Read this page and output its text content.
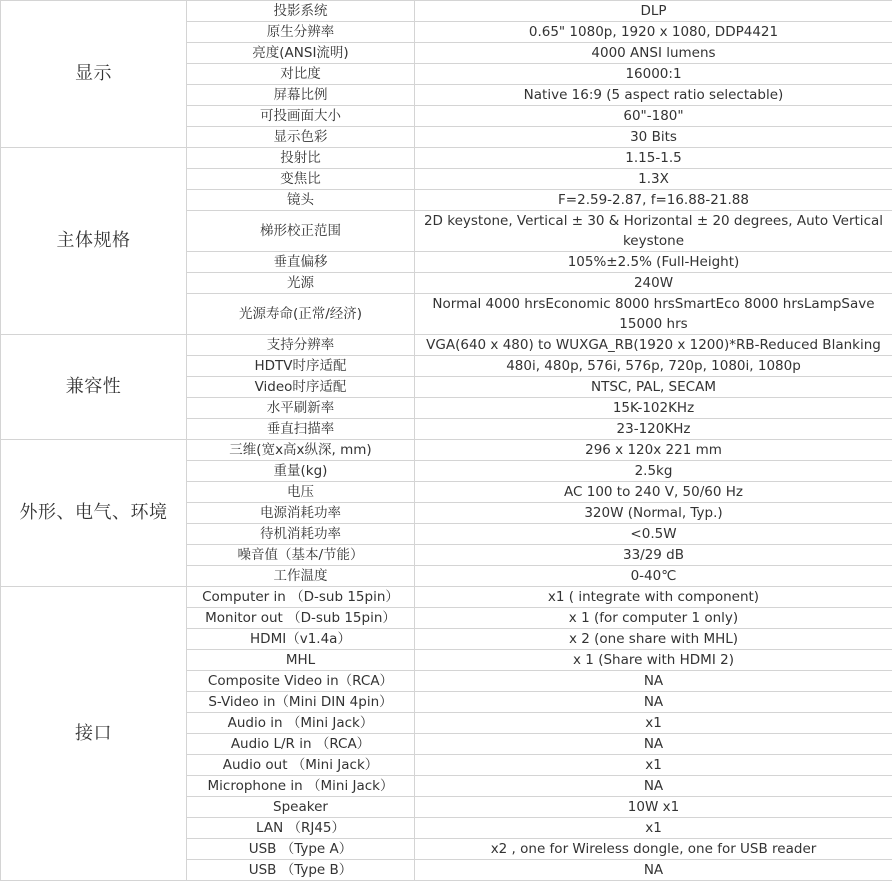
显示	投影系统	DLP
	原生分辨率	0.65" 1080p, 1920 x 1080, DDP4421
	亮度(ANSI流明)	4000 ANSI lumens
	对比度	16000:1
	屏幕比例	Native 16:9 (5 aspect ratio selectable)
	可投画面大小	60"-180"
	显示色彩	30 Bits
主体规格	投射比	1.15-1.5
	变焦比	1.3X
	镜头	F=2.59-2.87, f=16.88-21.88
	梯形校正范围	2D keystone, Vertical ± 30 & Horizontal ± 20 degrees, Auto Vertical keystone
	垂直偏移	105%±2.5% (Full-Height)
	光源	240W
	光源寿命(正常/经济)	Normal 4000 hrsEconomic 8000 hrsSmartEco 8000 hrsLampSave 15000 hrs
兼容性	支持分辨率	VGA(640 x 480) to WUXGA_RB(1920 x 1200)*RB-Reduced Blanking
	HDTV时序适配	480i, 480p, 576i, 576p, 720p, 1080i, 1080p
	Video时序适配	NTSC, PAL, SECAM
	水平刷新率	15K-102KHz
	垂直扫描率	23-120KHz
外形、电气、环境	三维(宽x高x纵深, mm)	296 x 120x 221 mm
	重量(kg)	2.5kg
	电压	AC 100 to 240 V, 50/60 Hz
	电源消耗功率	320W (Normal, Typ.)
	待机消耗功率	<0.5W
	噪音值（基本/节能）	33/29 dB
	工作温度	0-40℃
接口	Computer in （D-sub 15pin）	x1 ( integrate with component)
	Monitor out （D-sub 15pin）	x 1 (for computer 1 only)
	HDMI（v1.4a）	x 2 (one share with MHL)
	MHL	x 1 (Share with HDMI 2)
	Composite Video in（RCA）	NA
	S-Video in（Mini DIN 4pin）	NA
	Audio in （Mini Jack）	x1
	Audio L/R in （RCA）	NA
	Audio out （Mini Jack）	x1
	Microphone in （Mini Jack）	NA
	Speaker	10W x1
	LAN （RJ45）	x1
	USB （Type A）	x2 , one for Wireless dongle, one for USB reader
	USB （Type B）	NA
